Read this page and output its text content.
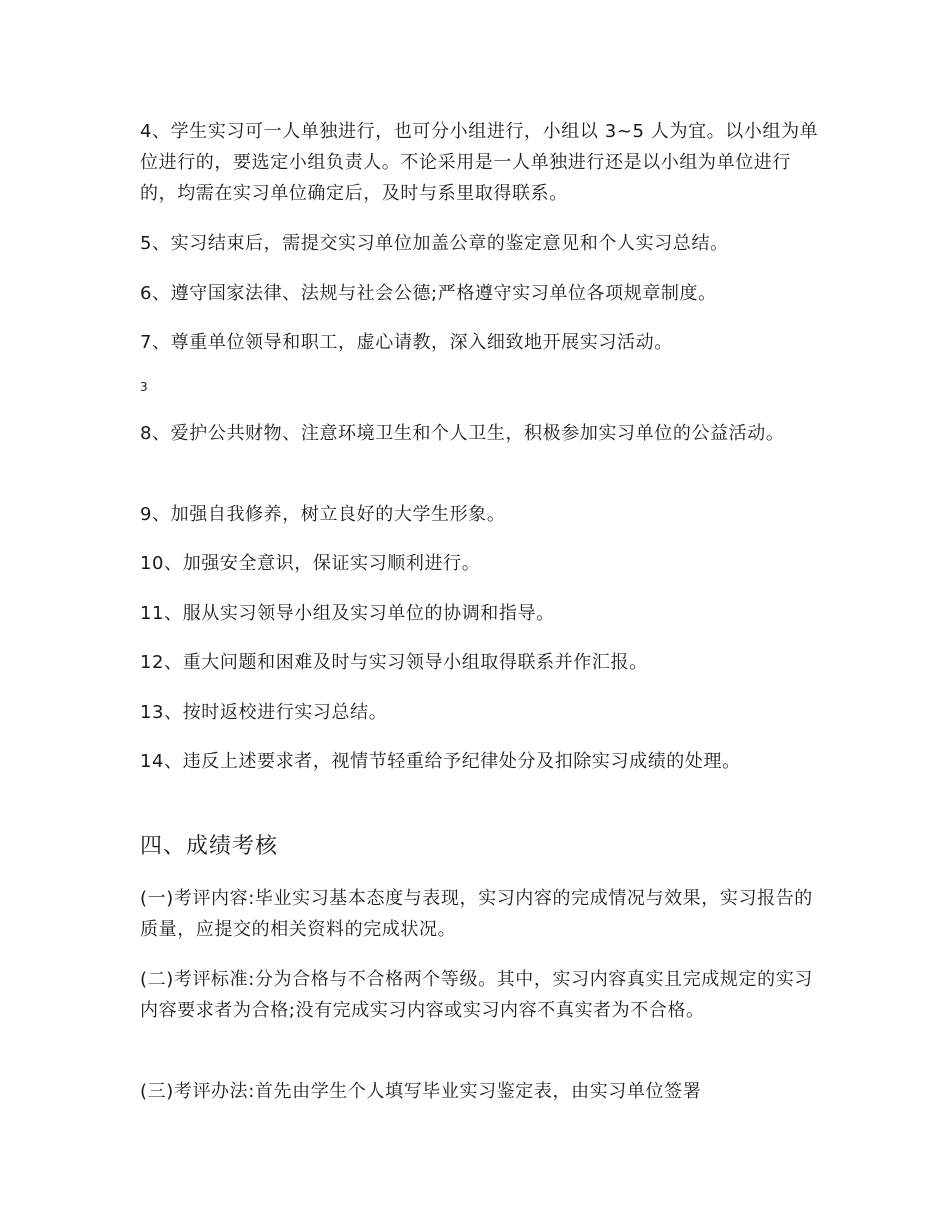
4、学生实习可一人单独进行，也可分小组进行，小组以 3~5 人为宜。以小组为单位进行的，要选定小组负责人。不论采用是一人单独进行还是以小组为单位进行的，均需在实习单位确定后，及时与系里取得联系。

5、实习结束后，需提交实习单位加盖公章的鉴定意见和个人实习总结。

6、遵守国家法律、法规与社会公德;严格遵守实习单位各项规章制度。

7、尊重单位领导和职工，虚心请教，深入细致地开展实习活动。

3

8、爱护公共财物、注意环境卫生和个人卫生，积极参加实习单位的公益活动。

9、加强自我修养，树立良好的大学生形象。

10、加强安全意识，保证实习顺利进行。

11、服从实习领导小组及实习单位的协调和指导。

12、重大问题和困难及时与实习领导小组取得联系并作汇报。

13、按时返校进行实习总结。

14、违反上述要求者，视情节轻重给予纪律处分及扣除实习成绩的处理。

四、成绩考核

(一)考评内容:毕业实习基本态度与表现，实习内容的完成情况与效果，实习报告的质量，应提交的相关资料的完成状况。

(二)考评标准:分为合格与不合格两个等级。其中，实习内容真实且完成规定的实习内容要求者为合格;没有完成实习内容或实习内容不真实者为不合格。

(三)考评办法:首先由学生个人填写毕业实习鉴定表，由实习单位签署
